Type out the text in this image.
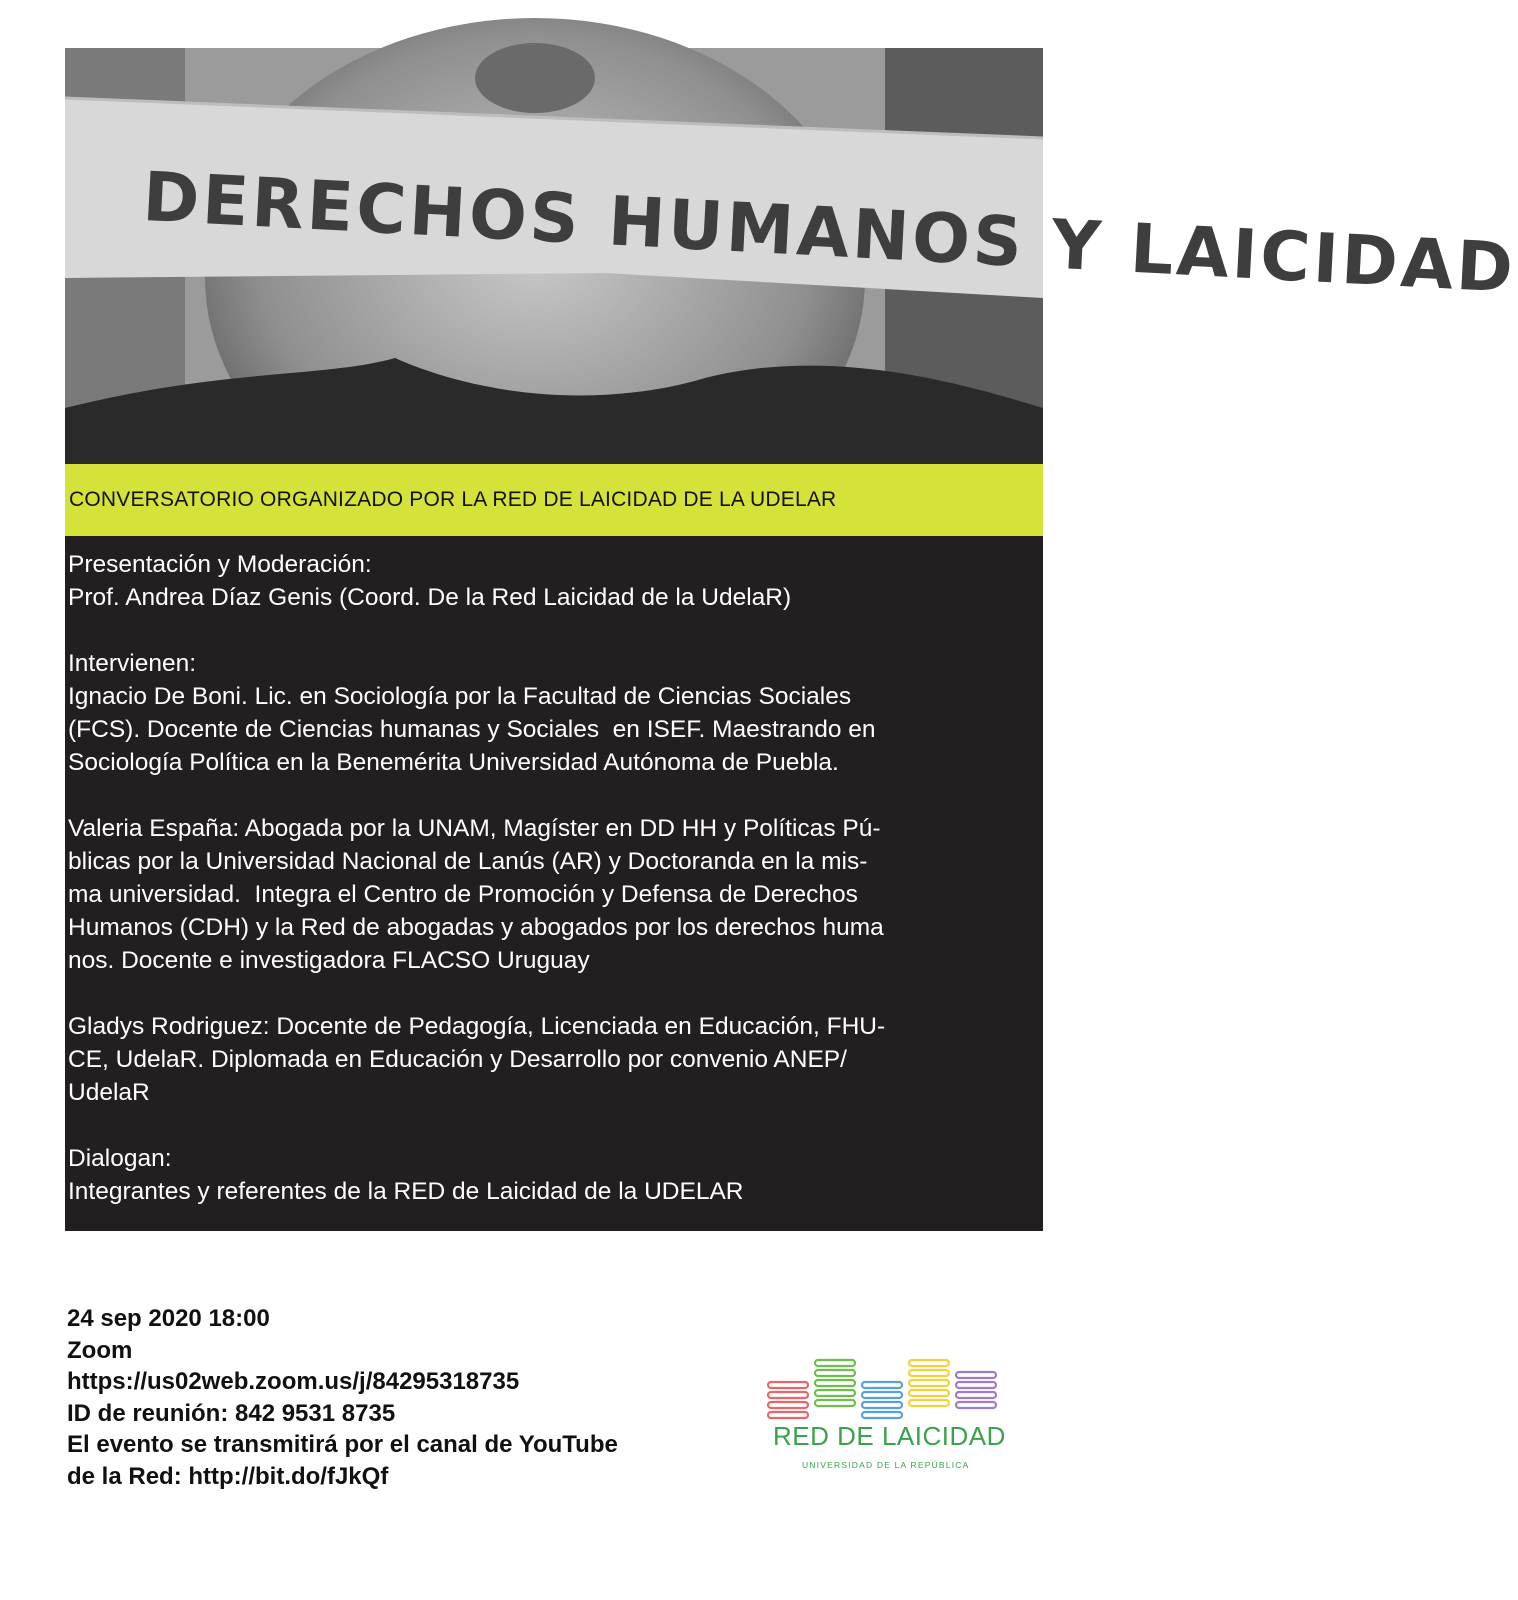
DERECHOS HUMANOS Y LAICIDAD
CONVERSATORIO ORGANIZADO POR LA RED DE LAICIDAD DE LA UDELAR

Presentación y Moderación:
Prof. Andrea Díaz Genis (Coord. De la Red Laicidad de la UdelaR)

Intervienen:
Ignacio De Boni. Lic. en Sociología por la Facultad de Ciencias Sociales
(FCS). Docente de Ciencias humanas y Sociales  en ISEF. Maestrando en
Sociología Política en la Benemérita Universidad Autónoma de Puebla.

Valeria España: Abogada por la UNAM, Magíster en DD HH y Políticas Pú-
blicas por la Universidad Nacional de Lanús (AR) y Doctoranda en la mis-
ma universidad.  Integra el Centro de Promoción y Defensa de Derechos
Humanos (CDH) y la Red de abogadas y abogados por los derechos huma
nos. Docente e investigadora FLACSO Uruguay

Gladys Rodriguez: Docente de Pedagogía, Licenciada en Educación, FHU-
CE, UdelaR. Diplomada en Educación y Desarrollo por convenio ANEP/
UdelaR

Dialogan:
Integrantes y referentes de la RED de Laicidad de la UDELAR

24 sep 2020 18:00
Zoom
https://us02web.zoom.us/j/84295318735
ID de reunión: 842 9531 8735
El evento se transmitirá por el canal de YouTube
de la Red: http://bit.do/fJkQf
RED DE LAICIDAD
UNIVERSIDAD DE LA REPÚBLICA
